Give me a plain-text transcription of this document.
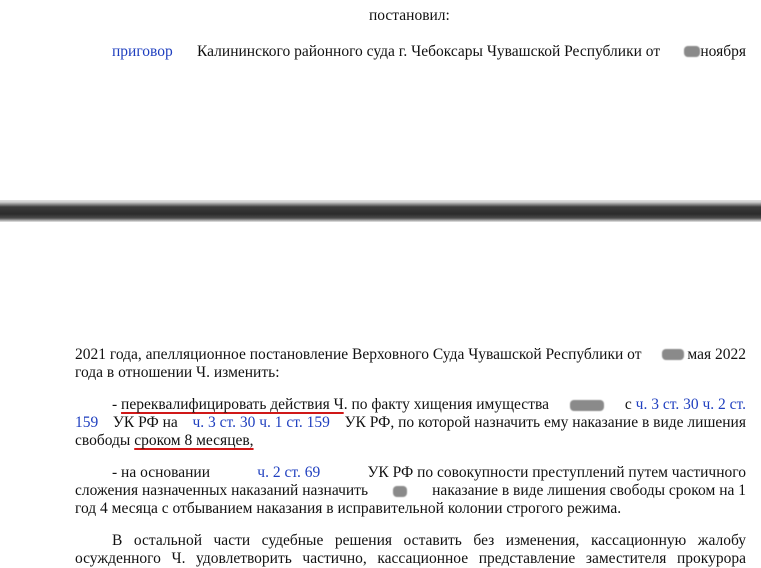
постановил:
приговор Калининского районного суда г. Чебоксары Чувашской Республики от	ноября
2021 года, апелляционное постановление Верховного Суда Чувашской Республики от	мая 2022
года в отношении Ч. изменить:
- переквалифицировать действия Ч. по факту хищения имущества	с ч. 3 ст. 30 ч. 2 ст.
159 УК РФ на ч. 3 ст. 30 ч. 1 ст. 159 УК РФ, по которой назначить ему наказание в виде лишения
свободы сроком 8 месяцев,
- на основании	ч. 2 ст. 69	УК РФ по совокупности преступлений путем частичного
сложения назначенных наказаний назначить	наказание в виде лишения свободы сроком на 1
год 4 месяца с отбыванием наказания в исправительной колонии строгого режима.
В остальной части судебные решения оставить без изменения, кассационную жалобу
осужденного Ч. удовлетворить частично, кассационное представление заместителя прокурора
